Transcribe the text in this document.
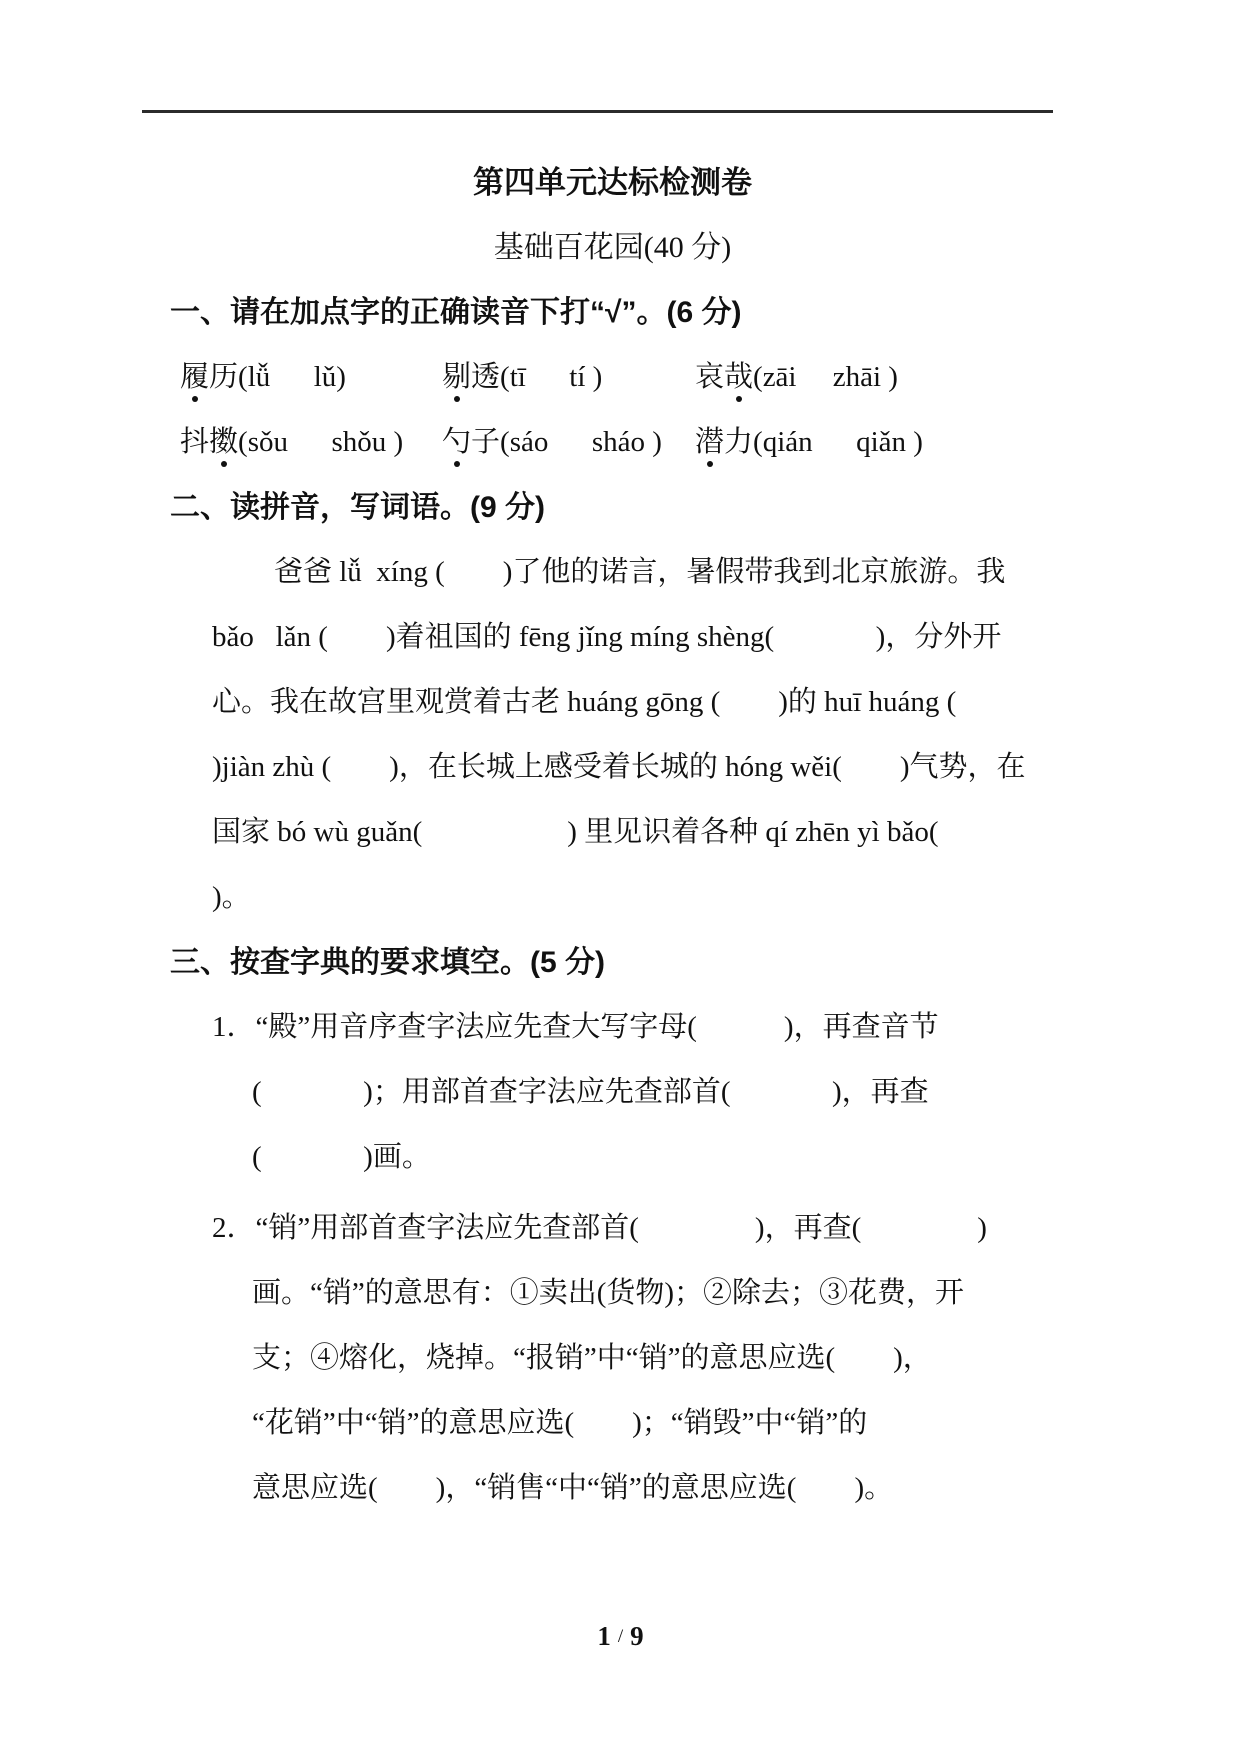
第四单元达标检测卷
基础百花园(40 分)
一、请在加点字的正确读音下打“√”。(6 分)
履历(lǚ      lǔ)	剔透(tī      tí )	哀哉(zāi     zhāi )
抖擞(sǒu      shǒu )	勺子(sáo      sháo )	潜力(qián      qiǎn )
二、读拼音，写词语。(9 分)
爸爸 lǚ  xíng (        )了他的诺言，暑假带我到北京旅游。我
bǎo   lǎn (        )着祖国的 fēng jǐng míng shèng(              )，分外开
心。我在故宫里观赏着古老 huáng gōng (        )的 huī huáng (
)jiàn zhù (        )，在长城上感受着长城的 hóng wěi(        )气势，在
国家 bó wù guǎn(                    ) 里见识着各种 qí zhēn yì bǎo(
)。
三、按查字典的要求填空。(5 分)
1．“殿”用音序查字法应先查大写字母(            )，再查音节
(              )；用部首查字法应先查部首(              )，再查
(              )画。
2．“销”用部首查字法应先查部首(                )，再查(                )
画。“销”的意思有：①卖出(货物)；②除去；③花费，开
支；④熔化，烧掉。“报销”中“销”的意思应选(        )，
“花销”中“销”的意思应选(        )；“销毁”中“销”的
意思应选(        )，“销售“中“销”的意思应选(        )。
1 / 9
